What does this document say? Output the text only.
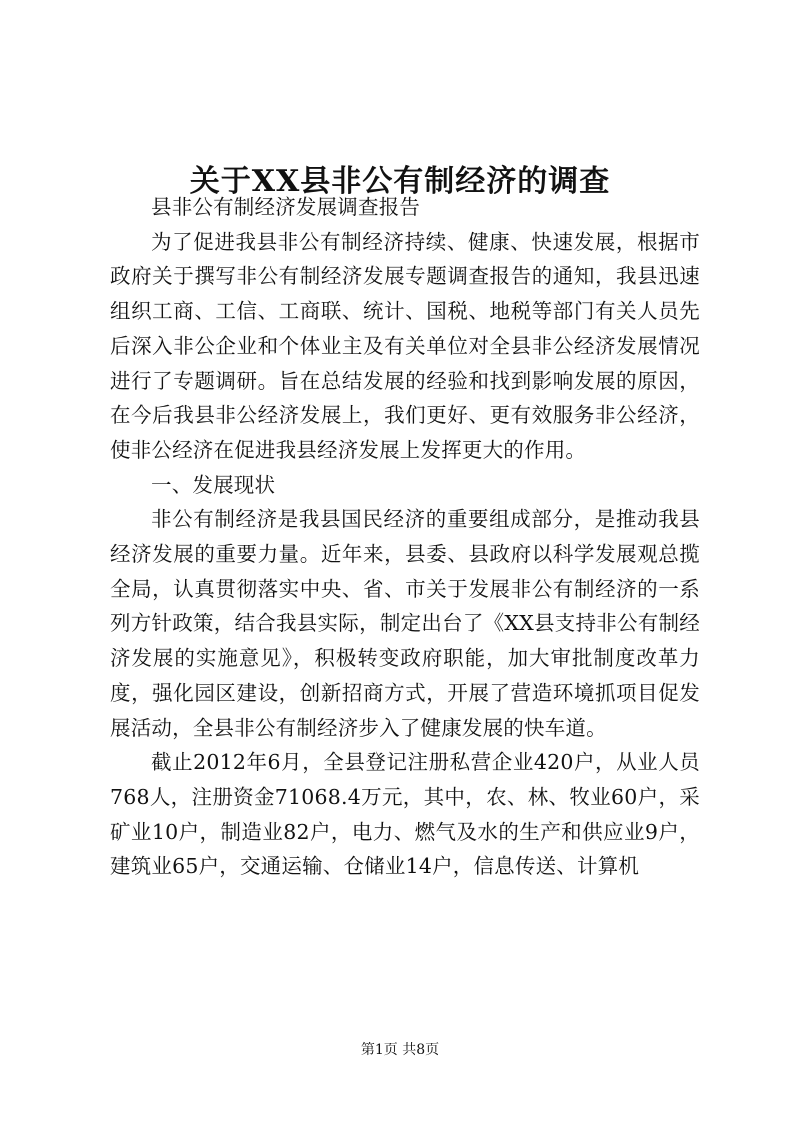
关于XX县非公有制经济的调查

县非公有制经济发展调查报告

为了促进我县非公有制经济持续、健康、快速发展，根据市政府关于撰写非公有制经济发展专题调查报告的通知，我县迅速组织工商、工信、工商联、统计、国税、地税等部门有关人员先后深入非公企业和个体业主及有关单位对全县非公经济发展情况进行了专题调研。旨在总结发展的经验和找到影响发展的原因，在今后我县非公经济发展上，我们更好、更有效服务非公经济，使非公经济在促进我县经济发展上发挥更大的作用。

一、发展现状

非公有制经济是我县国民经济的重要组成部分，是推动我县经济发展的重要力量。近年来，县委、县政府以科学发展观总揽全局，认真贯彻落实中央、省、市关于发展非公有制经济的一系列方针政策，结合我县实际，制定出台了《XX县支持非公有制经济发展的实施意见》，积极转变政府职能，加大审批制度改革力度，强化园区建设，创新招商方式，开展了营造环境抓项目促发展活动，全县非公有制经济步入了健康发展的快车道。

截止2012年6月，全县登记注册私营企业420户，从业人员768人，注册资金71068.4万元，其中，农、林、牧业60户，采矿业10户，制造业82户，电力、燃气及水的生产和供应业9户，建筑业65户，交通运输、仓储业14户，信息传送、计算机

第1页 共8页
